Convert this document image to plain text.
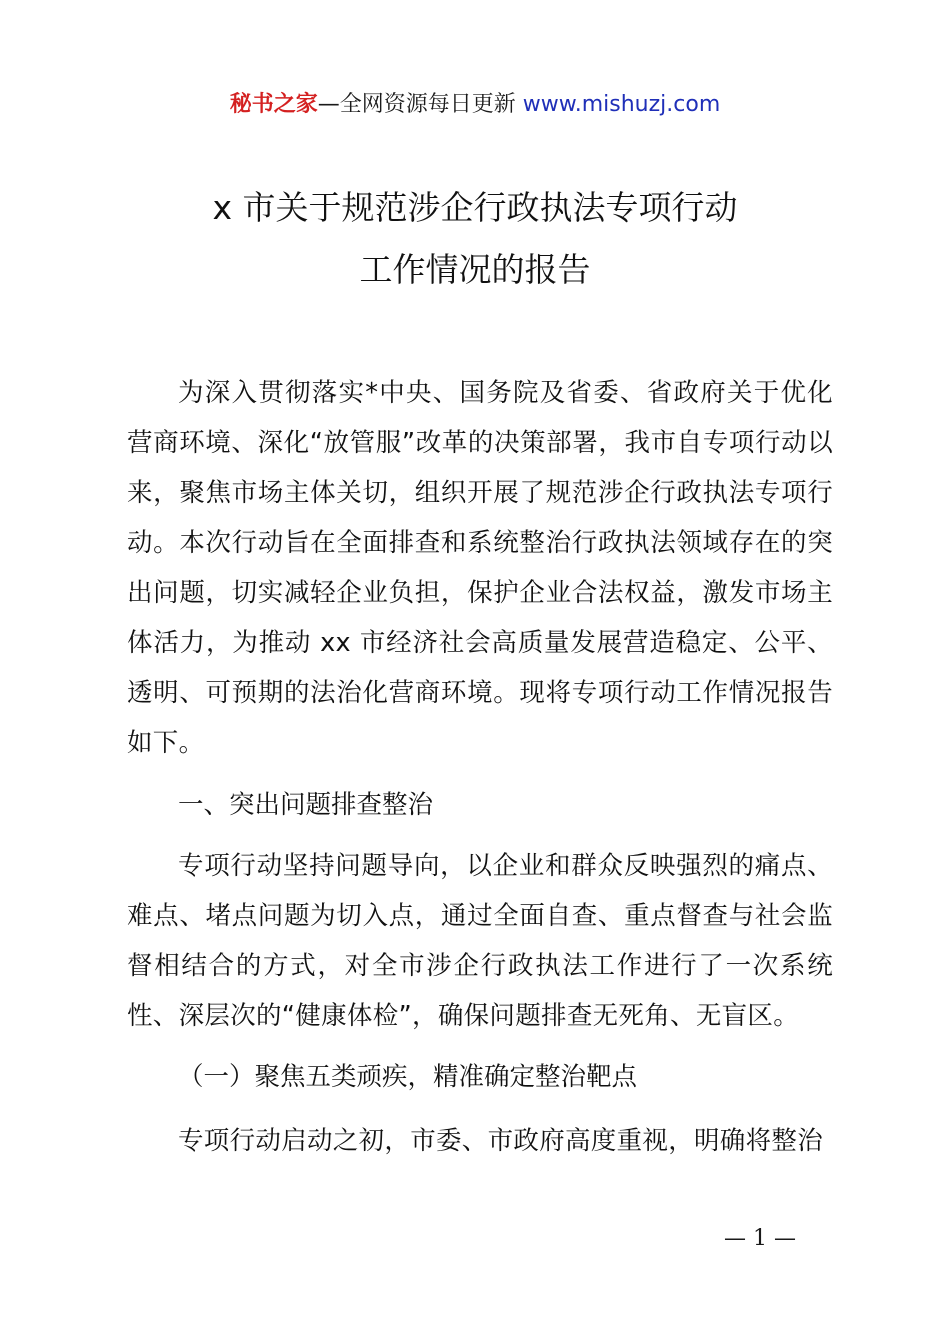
秘书之家—全网资源每日更新 www.mishuzj.com
x 市关于规范涉企行政执法专项行动
工作情况的报告

为深入贯彻落实*中央、国务院及省委、省政府关于优化营商环境、深化“放管服”改革的决策部署，我市自专项行动以来，聚焦市场主体关切，组织开展了规范涉企行政执法专项行动。本次行动旨在全面排查和系统整治行政执法领域存在的突出问题，切实减轻企业负担，保护企业合法权益，激发市场主体活力，为推动 xx 市经济社会高质量发展营造稳定、公平、透明、可预期的法治化营商环境。现将专项行动工作情况报告如下。

一、突出问题排查整治

专项行动坚持问题导向，以企业和群众反映强烈的痛点、难点、堵点问题为切入点，通过全面自查、重点督查与社会监督相结合的方式，对全市涉企行政执法工作进行了一次系统性、深层次的“健康体检”，确保问题排查无死角、无盲区。

（一）聚焦五类顽疾，精准确定整治靶点

专项行动启动之初，市委、市政府高度重视，明确将整治

— 1 —
